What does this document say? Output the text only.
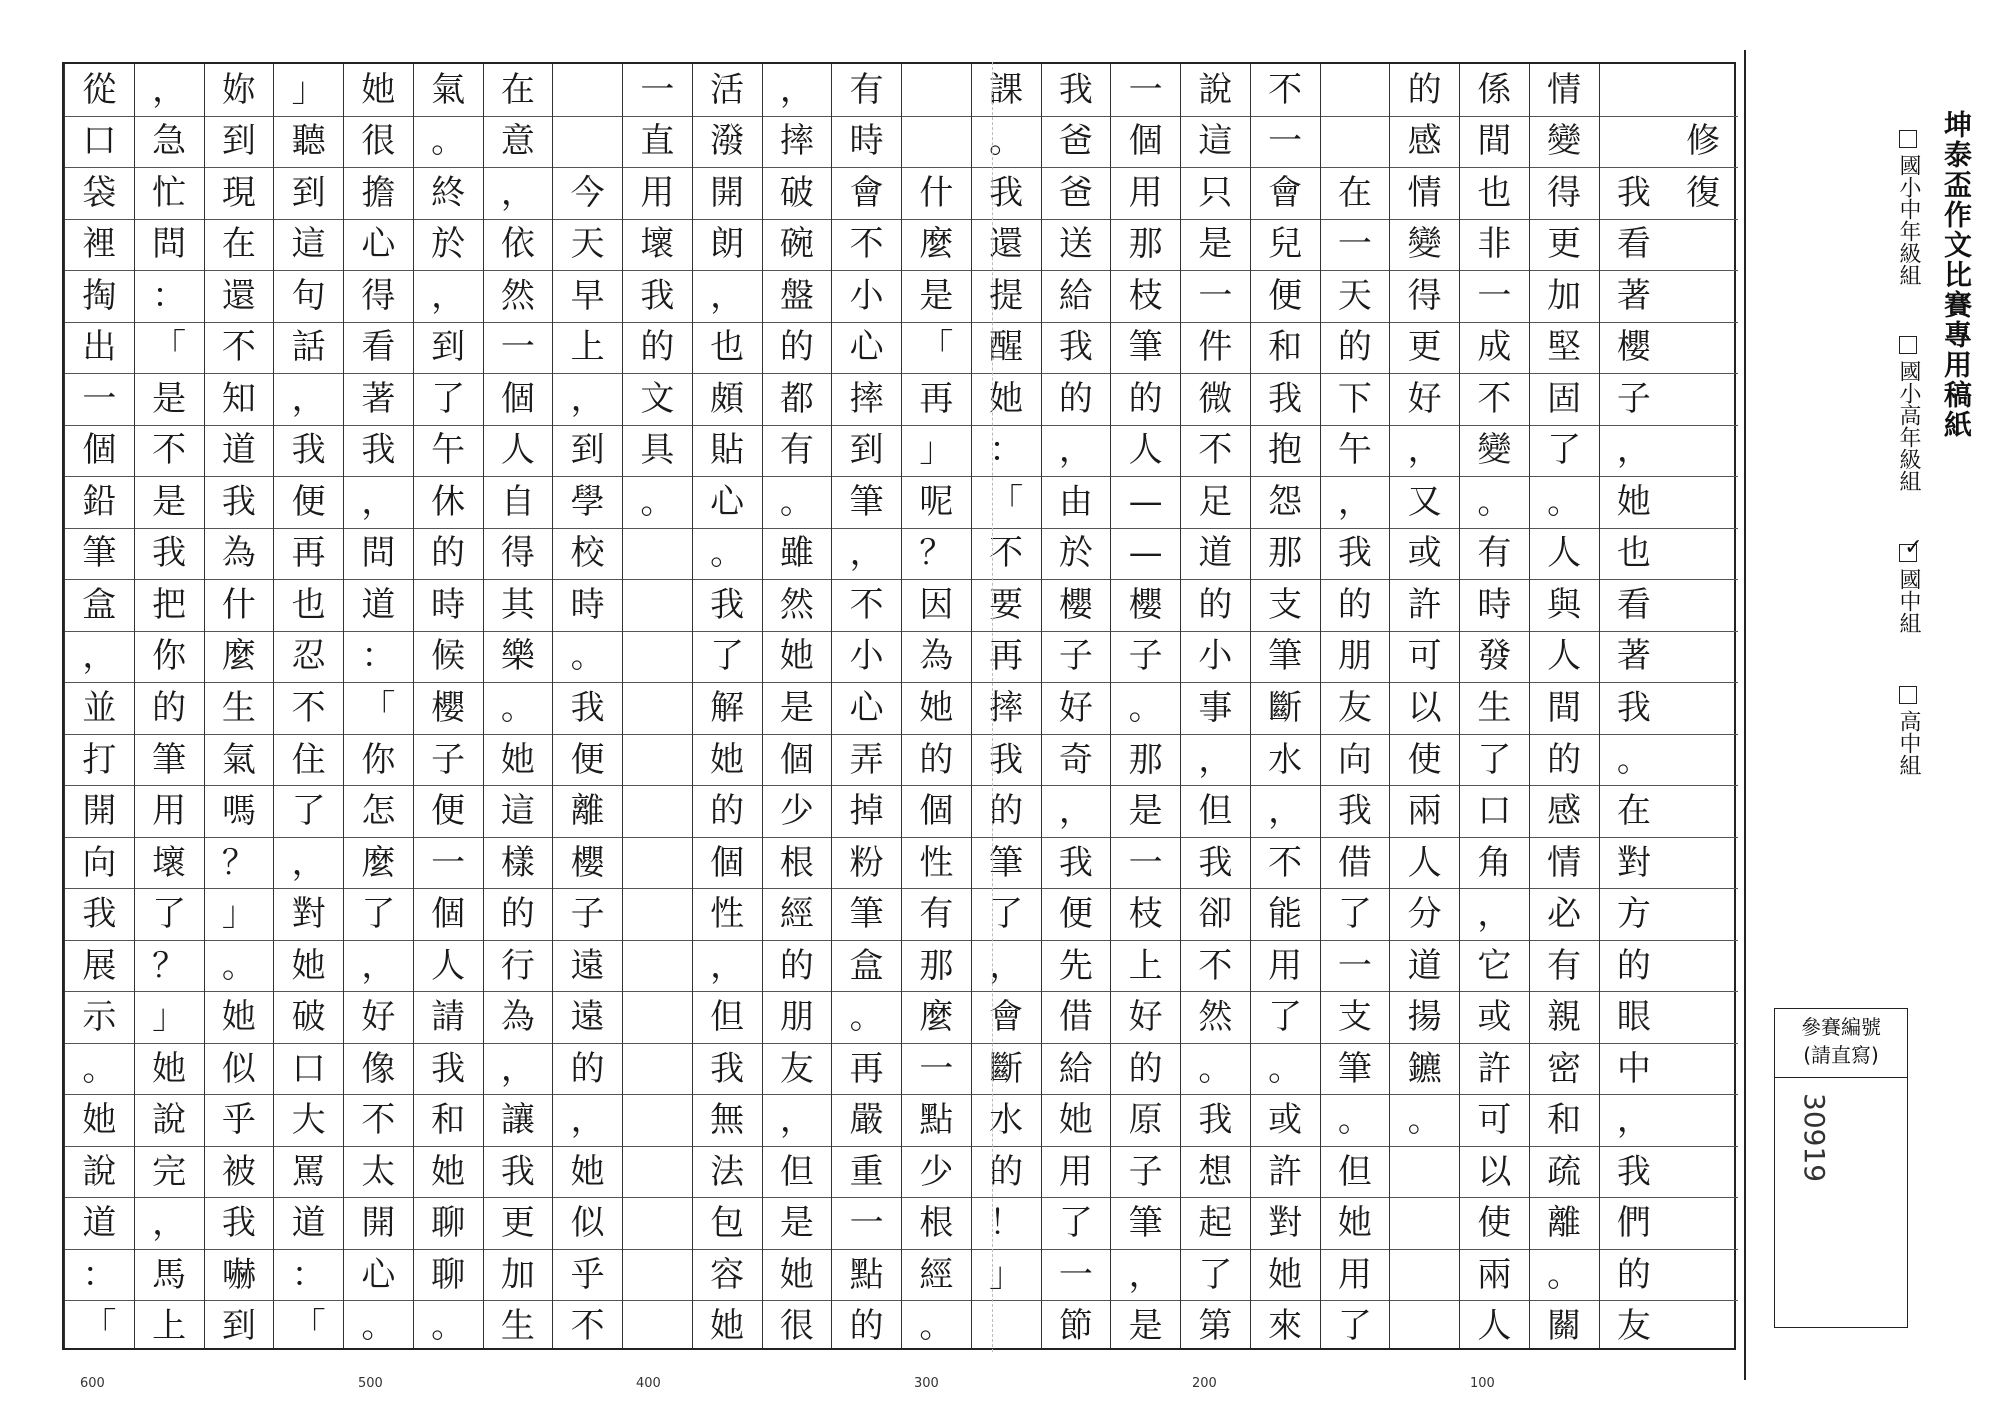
修
復

我
看
著
櫻
子
，
她
也
看
著
我
。
在
對
方
的
眼
中
，
我
們
的
友
情
變
得
更
加
堅
固
了
。
人
與
人
間
的
感
情
必
有
親
密
和
疏
離
。
關
係
間
也
非
一
成
不
變
。
有
時
發
生
了
口
角
，
它
或
許
可
以
使
兩
人
的
感
情
變
得
更
好
，
又
或
許
可
以
使
兩
人
分
道
揚
鑣
。

在
一
天
的
下
午
，
我
的
朋
友
向
我
借
了
一
支
筆
。
但
她
用
了
不
一
會
兒
便
和
我
抱
怨
那
支
筆
斷
水
，
不
能
用
了
。
或
許
對
她
來
說
這
只
是
一
件
微
不
足
道
的
小
事
，
但
我
卻
不
然
。
我
想
起
了
第
一
個
用
那
枝
筆
的
人
—
—
櫻
子
。
那
是
一
枝
上
好
的
原
子
筆
，
是
我
爸
爸
送
給
我
的
，
由
於
櫻
子
好
奇
，
我
便
先
借
給
她
用
了
一
節
課
。
我
還
提
醒
她
：
「
不
要
再
摔
我
的
筆
了
，
會
斷
水
的
！
」

什
麼
是
「
再
」
呢
？
因
為
她
的
個
性
有
那
麼
一
點
少
根
經
。
有
時
會
不
小
心
摔
到
筆
，
不
小
心
弄
掉
粉
筆
盒
。
再
嚴
重
一
點
的
，
摔
破
碗
盤
的
都
有
。
雖
然
她
是
個
少
根
經
的
朋
友
，
但
是
她
很
活
潑
開
朗
，
也
頗
貼
心
。
我
了
解
她
的
個
性
，
但
我
無
法
包
容
她
一
直
用
壞
我
的
文
具
。

今
天
早
上
，
到
學
校
時
。
我
便
離
櫻
子
遠
遠
的
，
她
似
乎
不
在
意
，
依
然
一
個
人
自
得
其
樂
。
她
這
樣
的
行
為
，
讓
我
更
加
生
氣
。
終
於
，
到
了
午
休
的
時
候
櫻
子
便
一
個
人
請
我
和
她
聊
聊
。
她
很
擔
心
得
看
著
我
，
問
道
：
「
你
怎
麼
了
，
好
像
不
太
開
心
。
」
聽
到
這
句
話
，
我
便
再
也
忍
不
住
了
，
對
她
破
口
大
罵
道
：
「
妳
到
現
在
還
不
知
道
我
為
什
麼
生
氣
嗎
？
」
。
她
似
乎
被
我
嚇
到
，
急
忙
問
：
「
是
不
是
我
把
你
的
筆
用
壞
了
？
」
她
說
完
，
馬
上
從
口
袋
裡
掏
出
一
個
鉛
筆
盒
，
並
打
開
向
我
展
示
。
她
說
道
：
「
600	500	400	300	200	100
坤泰盃作文比賽專用稿紙
國小中年級組
國小高年級組
✓
國中組
高中組
參賽編號
(請直寫)
30919
